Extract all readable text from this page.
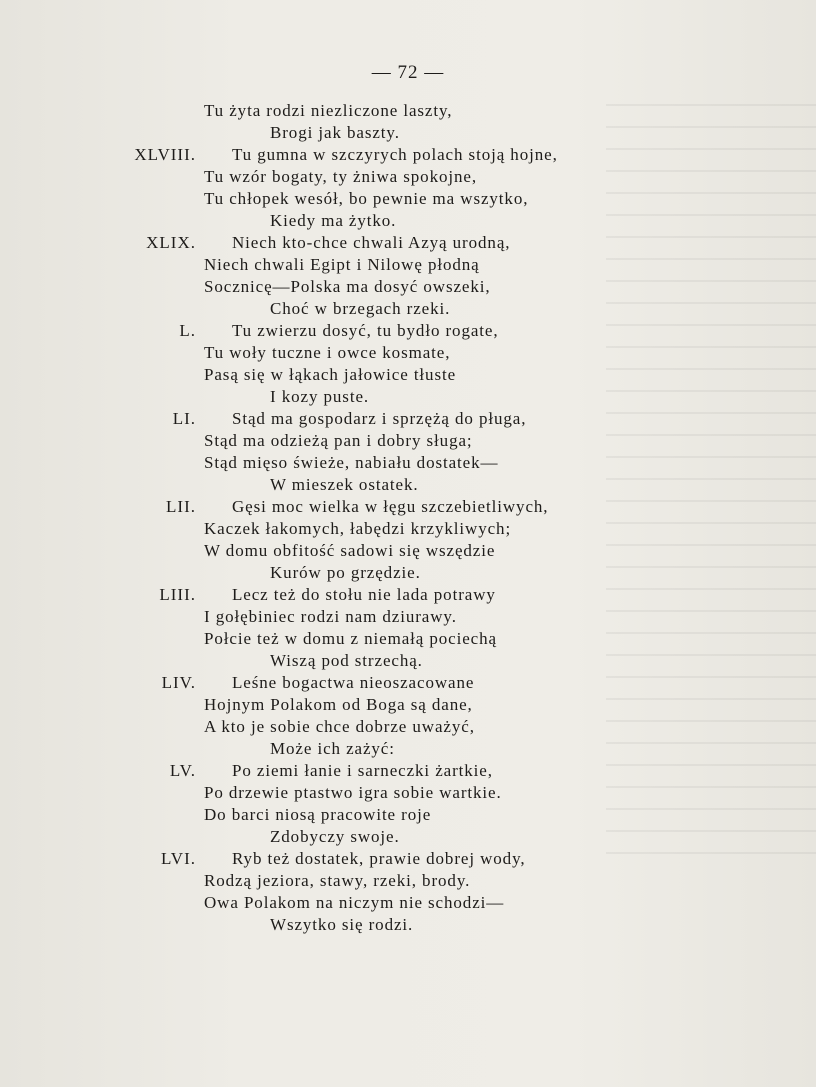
— 72 —
Tu żyta rodzi niezliczone laszty,
Brogi jak baszty.
XLVIII.	Tu gumna w szczyrych polach stoją hojne,
Tu wzór bogaty, ty żniwa spokojne,
Tu chłopek wesół, bo pewnie ma wszytko,
Kiedy ma żytko.
XLIX.	Niech kto-chce chwali Azyą urodną,
Niech chwali Egipt i Nilowę płodną
Socznicę—Polska ma dosyć owszeki,
Choć w brzegach rzeki.
L.	Tu zwierzu dosyć, tu bydło rogate,
Tu woły tuczne i owce kosmate,
Pasą się w łąkach jałowice tłuste
I kozy puste.
LI.	Stąd ma gospodarz i sprzężą do pługa,
Stąd ma odzieżą pan i dobry sługa;
Stąd mięso świeże, nabiału dostatek—
W mieszek ostatek.
LII.	Gęsi moc wielka w łęgu szczebietliwych,
Kaczek łakomych, łabędzi krzykliwych;
W domu obfitość sadowi się wszędzie
Kurów po grzędzie.
LIII.	Lecz też do stołu nie lada potrawy
I gołębiniec rodzi nam dziurawy.
Połcie też w domu z niemałą pociechą
Wiszą pod strzechą.
LIV.	Leśne bogactwa nieoszacowane
Hojnym Polakom od Boga są dane,
A kto je sobie chce dobrze uważyć,
Może ich zażyć:
LV.	Po ziemi łanie i sarneczki żartkie,
Po drzewie ptastwo igra sobie wartkie.
Do barci niosą pracowite roje
Zdobyczy swoje.
LVI.	Ryb też dostatek, prawie dobrej wody,
Rodzą jeziora, stawy, rzeki, brody.
Owa Polakom na niczym nie schodzi—
Wszytko się rodzi.
